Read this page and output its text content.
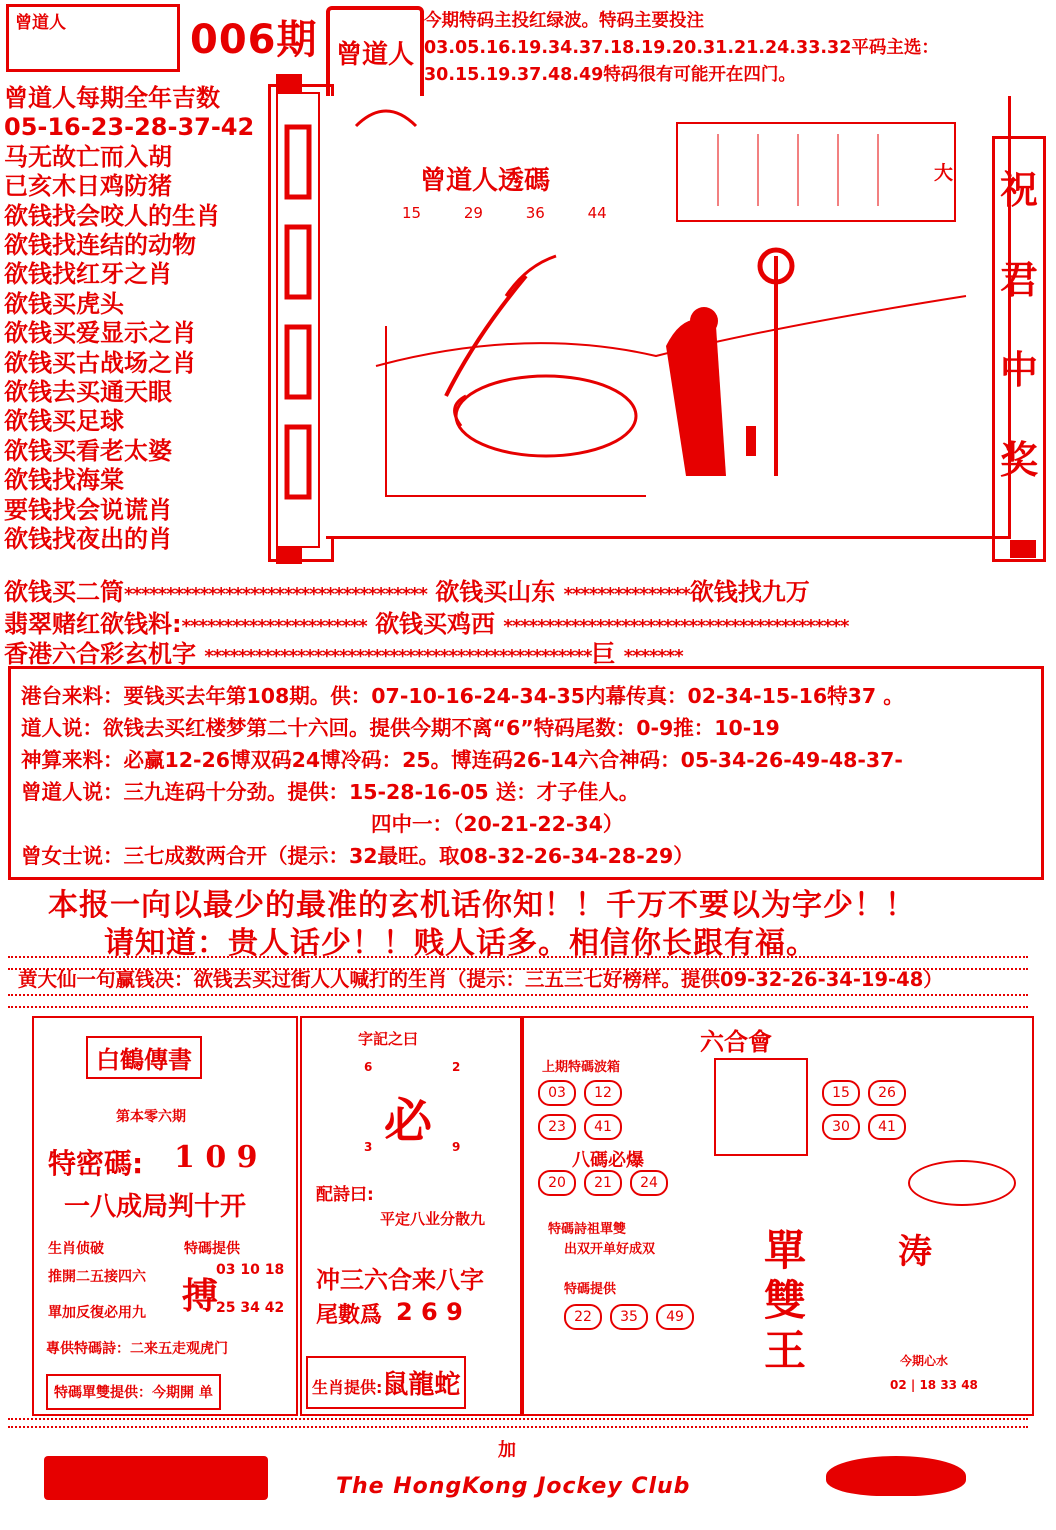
曾道人	006期 曾道人
今期特码主投红绿波。特码主要投注03.05.16.19.34.37.18.19.20.31.21.24.33.32平码主选：30.15.19.37.48.49特码很有可能开在四门。
曾道人每期全年吉数
05-16-23-28-37-42
马无故亡而入胡
已亥木日鸡防猪
欲钱找会咬人的生肖
欲钱找连结的动物
欲钱找红牙之肖
欲钱买虎头
欲钱买爱显示之肖
欲钱买古战场之肖
欲钱去买通天眼
欲钱买足球
欲钱买看老太婆
欲钱找海棠
要钱找会说谎肖
欲钱找夜出的肖
曾道人透碼
15 29 36 44
大 祝
君
中
奖
欲钱买二筒************************************ 欲钱买山东 ***************欲钱找九万
翡翠赌红欲钱料:********************** 欲钱买鸡西 *****************************************
香港六合彩玄机字 **********************************************巨 *******
港台来料：要钱买去年第108期。供：07-10-16-24-34-35内幕传真：02-34-15-16特37 。
道人说：欲钱去买红楼梦第二十六回。提供今期不离“6”特码尾数：0-9推：10-19
神算来料：必赢12-26博双码24博冷码：25。博连码26-14六合神码：05-34-26-49-48-37-
曾道人说：三九连码十分劲。提供：15-28-16-05 送：才子佳人。
四中一：（20-21-22-34）
曾女士说：三七成数两合开（提示：32最旺。取08-32-26-34-28-29）
本报一向以最少的最准的玄机话你知！！千万不要以为字少！！
请知道：贵人话少！！贱人话多。相信你长跟有福。
黄大仙一句赢钱决：欲钱去买过街人人喊打的生肖（提示：三五三七好榜样。提供09-32-26-34-19-48）
白鶴傳書
第本零六期
特密碼: 1 0 9
一八成局判十开
生肖侦破
推開二五接四六
單加反復必用九
特碼提供
搏
03 10 18
25 34 42
專供特碼詩：二来五走观虎门
特碼單雙提供：今期開 单
字記之曰
6	2
必
3	9
配詩曰:
平定八业分散九
冲三六合来八字
尾數爲 2 6 9
生肖提供:鼠龍蛇
六合會
上期特碼波箱
03 12
23 41
15 26
30 41
八碼必爆
20 21 24
特碼詩祖單雙
出双开单好成双
特碼提供
22 35 49
單
雙
王
涛
今期心水
02 | 18 33 48
加
The HongKong Jockey Club
